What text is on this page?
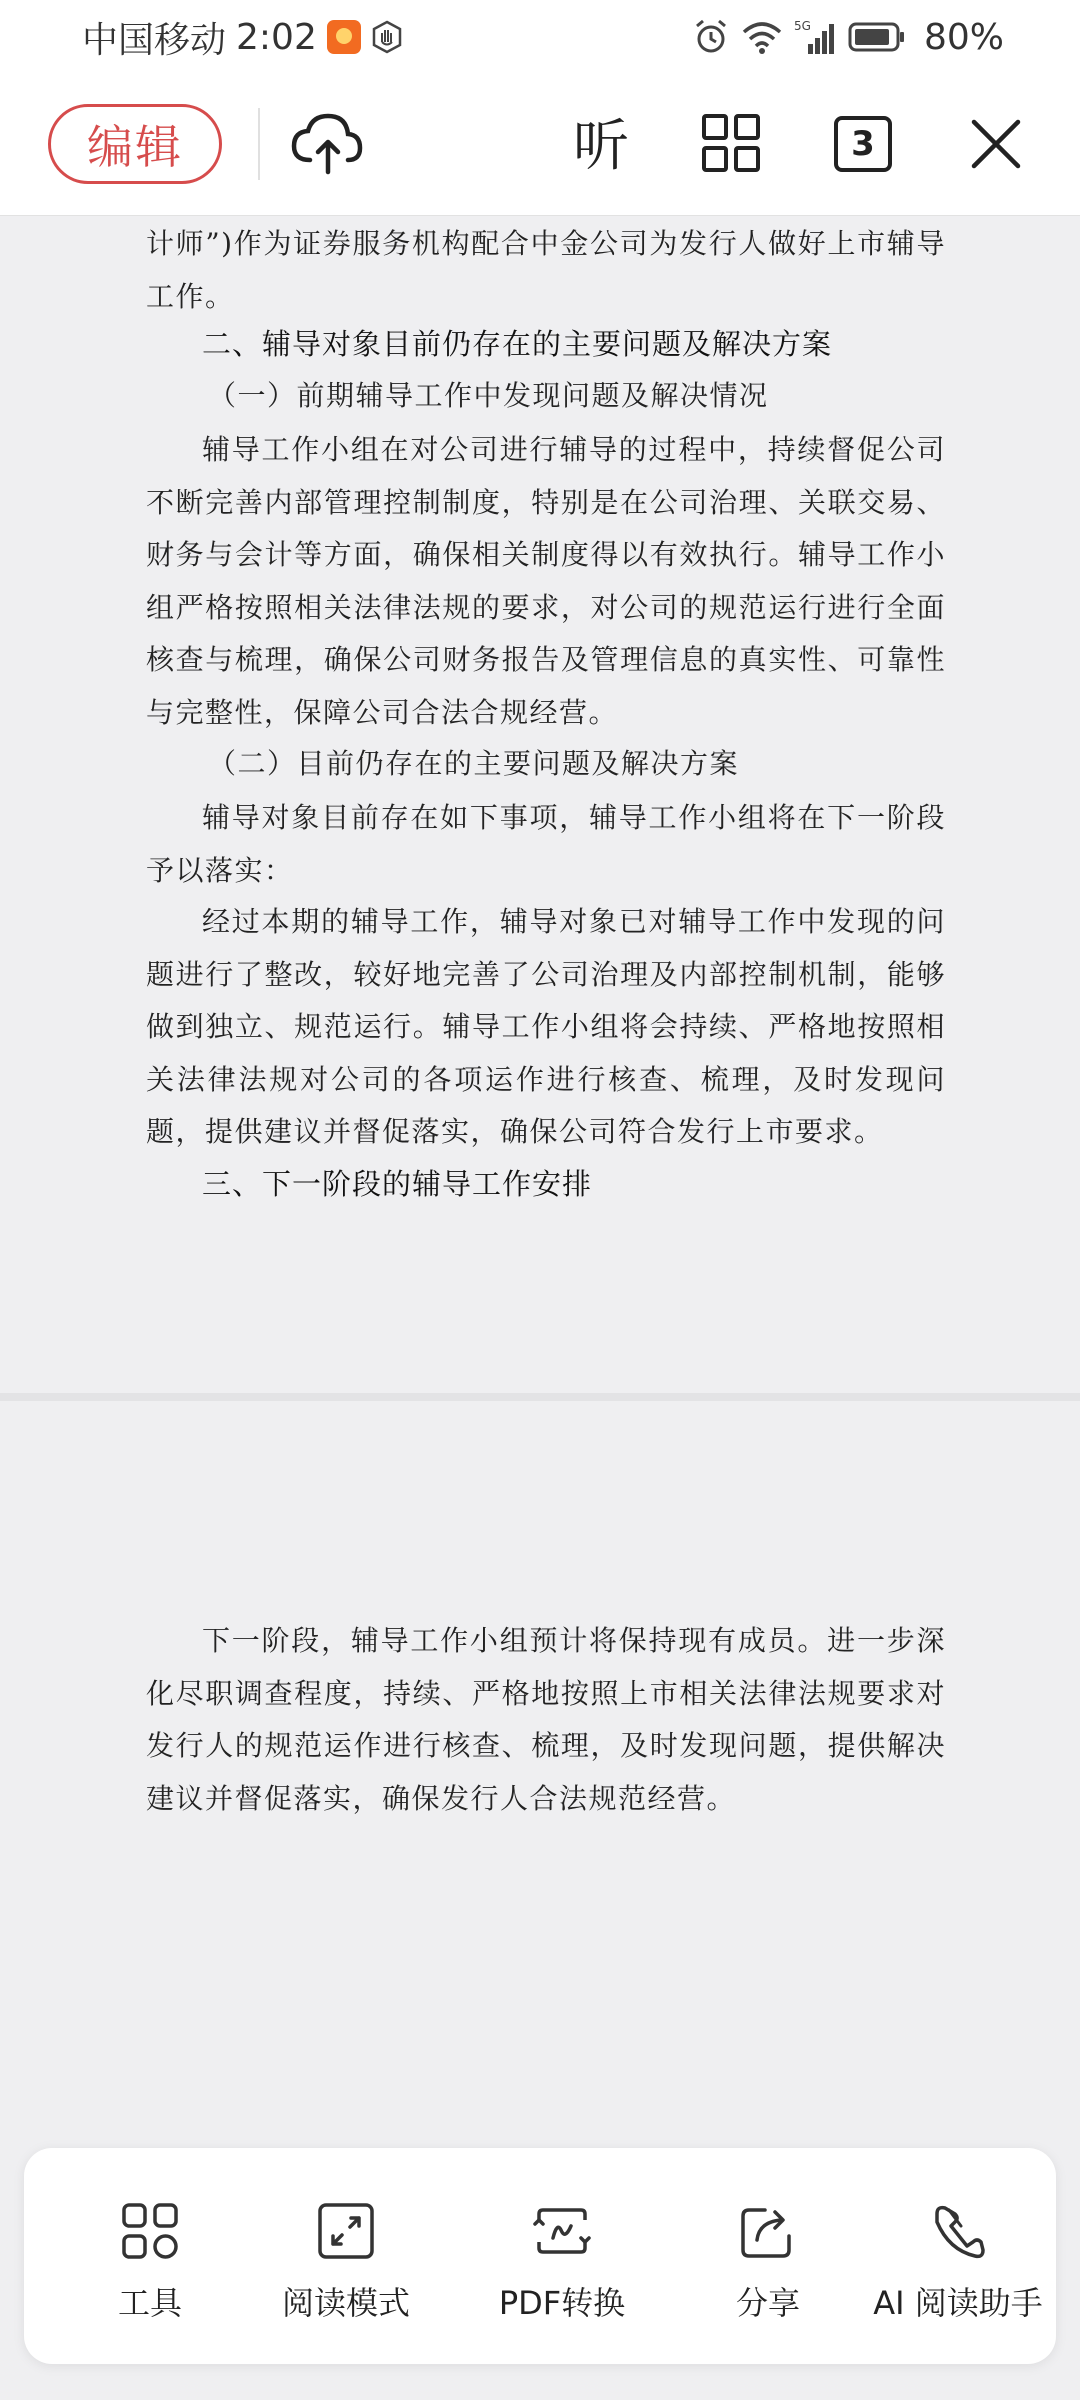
中国移动 2:02	5G	80%
编辑	听	3
计师”)作为证券服务机构配合中金公司为发行人做好上市辅导工作。
二、辅导对象目前仍存在的主要问题及解决方案
（一）前期辅导工作中发现问题及解决情况
辅导工作小组在对公司进行辅导的过程中，持续督促公司不断完善内部管理控制制度，特别是在公司治理、关联交易、财务与会计等方面，确保相关制度得以有效执行。辅导工作小组严格按照相关法律法规的要求，对公司的规范运行进行全面核查与梳理，确保公司财务报告及管理信息的真实性、可靠性与完整性，保障公司合法合规经营。
（二）目前仍存在的主要问题及解决方案
辅导对象目前存在如下事项，辅导工作小组将在下一阶段予以落实：
经过本期的辅导工作，辅导对象已对辅导工作中发现的问题进行了整改，较好地完善了公司治理及内部控制机制，能够做到独立、规范运行。辅导工作小组将会持续、严格地按照相关法律法规对公司的各项运作进行核查、梳理，及时发现问题，提供建议并督促落实，确保公司符合发行上市要求。
三、下一阶段的辅导工作安排
下一阶段，辅导工作小组预计将保持现有成员。进一步深化尽职调查程度，持续、严格地按照上市相关法律法规要求对发行人的规范运作进行核查、梳理，及时发现问题，提供解决建议并督促落实，确保发行人合法规范经营。
工具	阅读模式	PDF转换	分享 AI 阅读助手
